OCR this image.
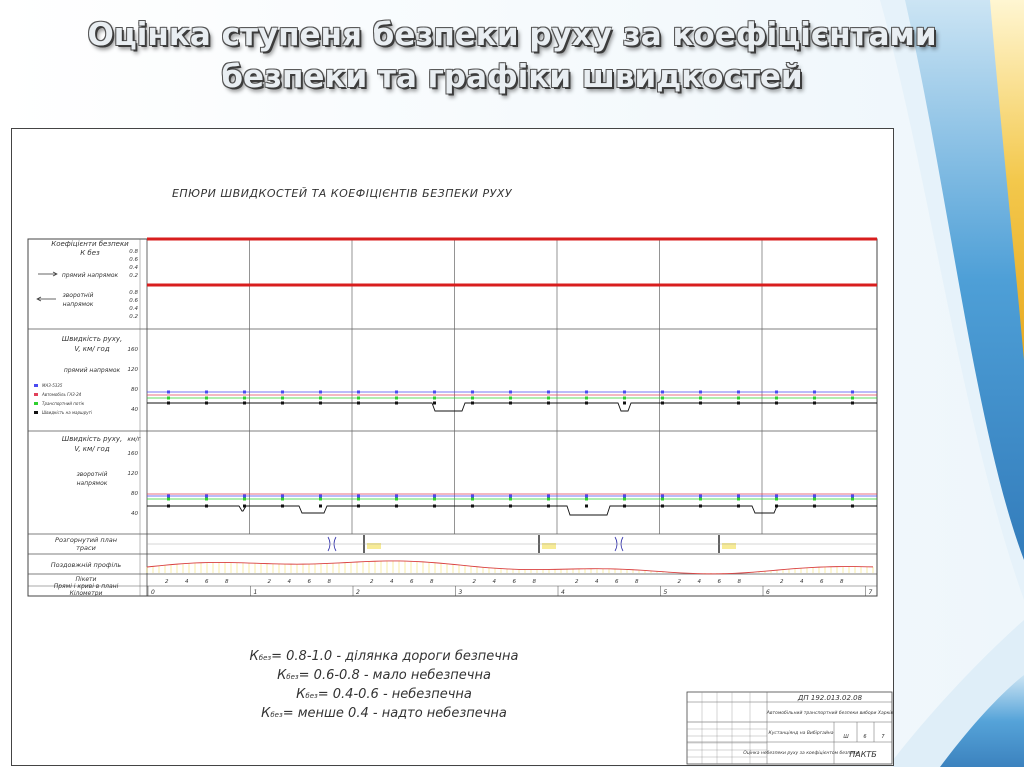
Оцінка ступеня безпеки руху за коефіцієнтами
безпеки та графіки швидкостей
ЕПЮРИ ШВИДКОСТЕЙ ТА КОЕФІЦІЄНТІВ БЕЗПЕКИ РУХУ
Коефіцієнти безпеки
К без
прямий напрямок
зворотній
напрямок
0.8
0.6
0.4
0.2
0.8
0.6
0.4
0.2
Швидкість руху,
V, км/ год
прямий напрямок
МАЗ-5335
Автомобіль ГАЗ-24
Транспортний потік
Швидкість на маршруті
Швидкість руху,
V, км/ год
зворотній
напрямок
км/г
160
120
80
40
160
120
80
40
Розгорнутий план
траси
Поздовжній профіль
Пікети
Прямі і криві в плані
Кілометри
2	4	6	8	2	4	6	8	2	4	6	8	2	4	6	8	2	4	6	8	2	4	6	8	2	4	6	8
0	1	2	3	4	5	6	7
ДП 192.013.02.08
Автомобільний транспортний безпеки вибори Харків
Кустанціянд на Вибіргайна
Оцінка небезпеки руху за коефіцієнтом безпеки
Ш	6	7
ПАКТБ
Кбез= 0.8-1.0 - ділянка дороги безпечна
Кбез= 0.6-0.8 - мало небезпечна
Кбез= 0.4-0.6 - небезпечна
Кбез= менше 0.4 - надто небезпечна
